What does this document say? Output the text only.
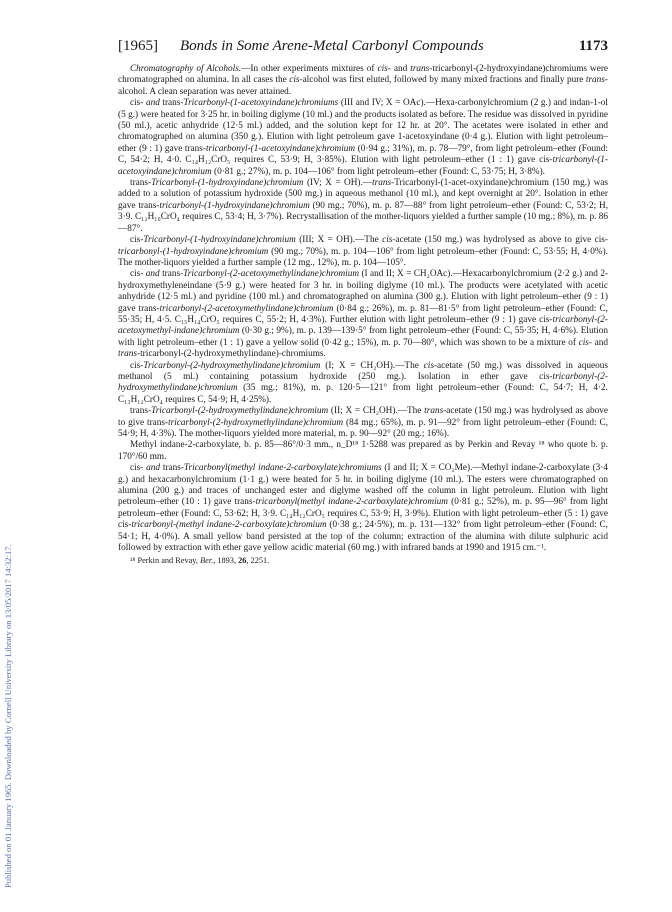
Published on 01 January 1965. Downloaded by Cornell University Library on 13/05/2017 14:32:17.
[1965] Bonds in Some Arene-Metal Carbonyl Compounds	1173

Chromatography of Alcohols.—In other experiments mixtures of cis- and trans-tricarbonyl-(2-hydroxyindane)chromiums were chromatographed on alumina. In all cases the cis-alcohol was first eluted, followed by many mixed fractions and finally pure trans-alcohol. A clean separation was never attained.

cis- and trans-Tricarbonyl-(1-acetoxyindane)chromiums (III and IV; X = OAc).—Hexa-carbonylchromium (2 g.) and indan-1-ol (5 g.) were heated for 3·25 hr. in boiling diglyme (10 ml.) and the products isolated as before. The residue was dissolved in pyridine (50 ml.), acetic anhydride (12·5 ml.) added, and the solution kept for 12 hr. at 20°. The acetates were isolated in ether and chromatographed on alumina (350 g.). Elution with light petroleum gave 1-acetoxyindane (0·4 g.). Elution with light petroleum–ether (9 : 1) gave trans-tricarbonyl-(1-acetoxyindane)chromium (0·94 g.; 31%), m. p. 78—79°, from light petroleum–ether (Found: C, 54·2; H, 4·0. C₁₄H₁₂CrO₅ requires C, 53·9; H, 3·85%). Elution with light petroleum–ether (1 : 1) gave cis-tricarbonyl-(1-acetoxyindane)chromium (0·81 g.; 27%), m. p. 104—106° from light petroleum–ether (Found: C, 53·75; H, 3·8%).

trans-Tricarbonyl-(1-hydroxyindane)chromium (IV; X = OH).—trans-Tricarbonyl-(1-acet-oxyindane)chromium (150 mg.) was added to a solution of potassium hydroxide (500 mg.) in aqueous methanol (10 ml.), and kept overnight at 20°. Isolation in ether gave trans-tricarbonyl-(1-hydroxyindane)chromium (90 mg.; 70%), m. p. 87—88° from light petroleum–ether (Found: C, 53·2; H, 3·9. C₁₂H₁₀CrO₄ requires C, 53·4; H, 3·7%). Recrystallisation of the mother-liquors yielded a further sample (10 mg.; 8%), m. p. 86—87°.

cis-Tricarbonyl-(1-hydroxyindane)chromium (III; X = OH).—The cis-acetate (150 mg.) was hydrolysed as above to give cis-tricarbonyl-(1-hydroxyindane)chromium (90 mg.; 70%), m. p. 104—106° from light petroleum–ether (Found: C, 53·55; H, 4·0%). The mother-liquors yielded a further sample (12 mg., 12%), m. p. 104—105°.

cis- and trans-Tricarbonyl-(2-acetoxymethylindane)chromium (I and II; X = CH₂OAc).—Hexacarbonylchromium (2·2 g.) and 2-hydroxymethyleneindane (5·9 g.) were heated for 3 hr. in boiling diglyme (10 ml.). The products were acetylated with acetic anhydride (12·5 ml.) and pyridine (100 ml.) and chromatographed on alumina (300 g.). Elution with light petroleum–ether (9 : 1) gave trans-tricarbonyl-(2-acetoxymethylindane)chromium (0·84 g.; 26%), m. p. 81—81·5° from light petroleum–ether (Found: C, 55·35; H, 4·5. C₁₅H₁₄CrO₅ requires C, 55·2; H, 4·3%). Further elution with light petroleum–ether (9 : 1) gave cis-tricarbonyl-(2-acetoxymethyl-indane)chromium (0·30 g.; 9%), m. p. 139—139·5° from light petroleum–ether (Found: C, 55·35; H, 4·6%). Elution with light petroleum–ether (1 : 1) gave a yellow solid (0·42 g.; 15%), m. p. 70—80°, which was shown to be a mixture of cis- and trans-tricarbonyl-(2-hydroxymethylindane)-chromiums.

cis-Tricarbonyl-(2-hydroxymethylindane)chromium (I; X = CH₂OH).—The cis-acetate (50 mg.) was dissolved in aqueous methanol (5 ml.) containing potassium hydroxide (250 mg.). Isolation in ether gave cis-tricarbonyl-(2-hydroxymethylindane)chromium (35 mg.; 81%), m. p. 120·5—121° from light petroleum–ether (Found: C, 54·7; H, 4·2. C₁₃H₁₂CrO₄ requires C, 54·9; H, 4·25%).

trans-Tricarbonyl-(2-hydroxymethylindane)chromium (II; X = CH₂OH).—The trans-acetate (150 mg.) was hydrolysed as above to give trans-tricarbonyl-(2-hydroxymethylindane)chromium (84 mg.; 65%), m. p. 91—92° from light petroleum–ether (Found: C, 54·9; H, 4·3%). The mother-liquors yielded more material, m. p. 90—92° (20 mg.; 16%).

Methyl indane-2-carboxylate, b. p. 85—86°/0·3 mm., n_D¹⁸ 1·5288 was prepared as by Perkin and Revay ¹⁸ who quote b. p. 170°/60 mm.

cis- and trans-Tricarbonyl(methyl indane-2-carboxylate)chromiums (I and II; X = CO₂Me).—Methyl indane-2-carboxylate (3·4 g.) and hexacarbonylchromium (1·1 g.) were heated for 5 hr. in boiling diglyme (10 ml.). The esters were chromatographed on alumina (200 g.) and traces of unchanged ester and diglyme washed off the column in light petroleum. Elution with light petroleum–ether (10 : 1) gave trans-tricarbonyl(methyl indane-2-carboxylate)chromium (0·81 g.; 52%), m. p. 95—96° from light petroleum–ether (Found: C, 53·62; H, 3·9. C₁₄H₁₂CrO₅ requires C, 53·9; H, 3·9%). Elution with light petroleum–ether (5 : 1) gave cis-tricarbonyl-(methyl indane-2-carboxylate)chromium (0·38 g.; 24·5%), m. p. 131—132° from light petroleum–ether (Found: C, 54·1; H, 4·0%). A small yellow band persisted at the top of the column; extraction of the alumina with dilute sulphuric acid followed by extraction with ether gave yellow acidic material (60 mg.) with infrared bands at 1990 and 1915 cm.⁻¹.

¹⁸ Perkin and Revay, Ber., 1893, 26, 2251.
